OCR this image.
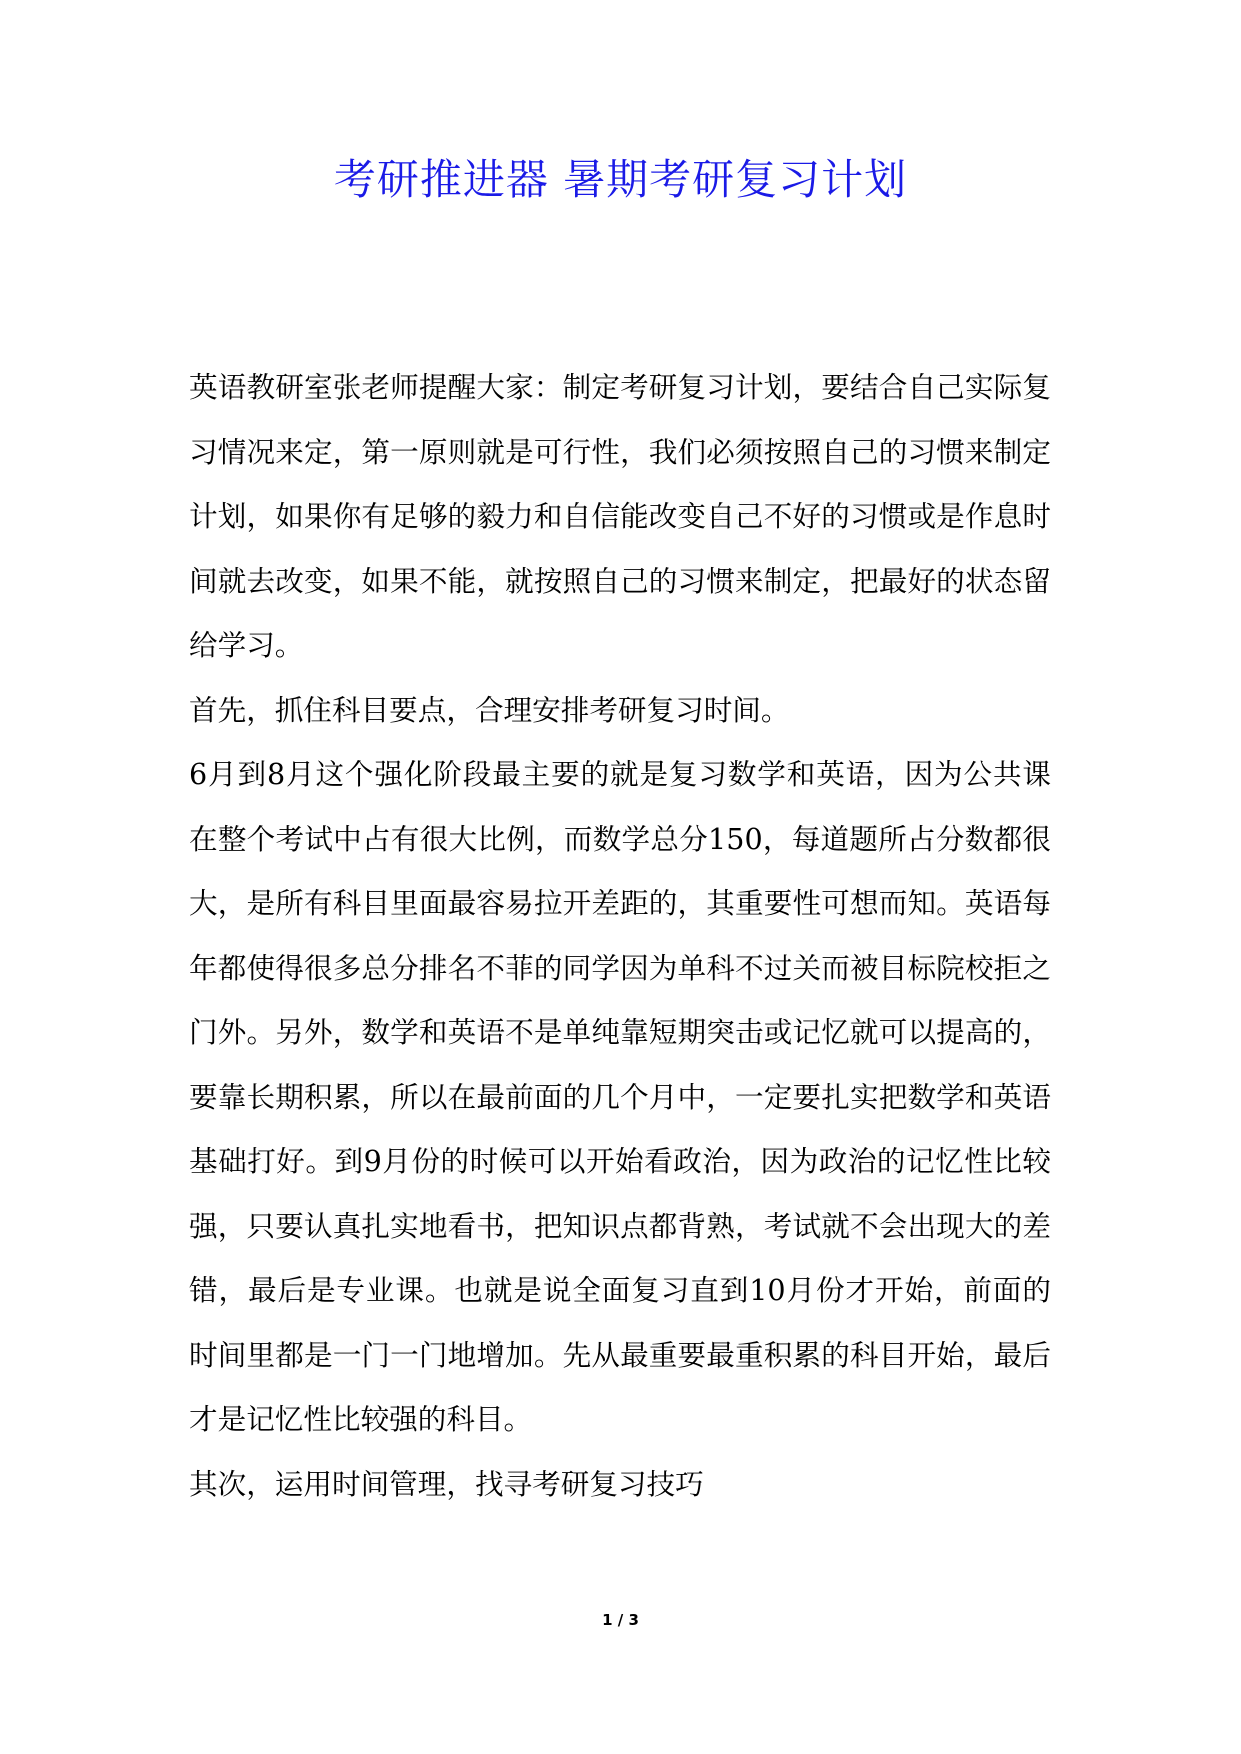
考研推进器 暑期考研复习计划

英语教研室张老师提醒大家：制定考研复习计划，要结合自己实际复习情况来定，第一原则就是可行性，我们必须按照自己的习惯来制定计划，如果你有足够的毅力和自信能改变自己不好的习惯或是作息时间就去改变，如果不能，就按照自己的习惯来制定，把最好的状态留给学习。

首先，抓住科目要点，合理安排考研复习时间。

6月到8月这个强化阶段最主要的就是复习数学和英语，因为公共课在整个考试中占有很大比例，而数学总分150，每道题所占分数都很大，是所有科目里面最容易拉开差距的，其重要性可想而知。英语每年都使得很多总分排名不菲的同学因为单科不过关而被目标院校拒之门外。另外，数学和英语不是单纯靠短期突击或记忆就可以提高的，要靠长期积累，所以在最前面的几个月中，一定要扎实把数学和英语基础打好。到9月份的时候可以开始看政治，因为政治的记忆性比较强，只要认真扎实地看书，把知识点都背熟，考试就不会出现大的差错，最后是专业课。也就是说全面复习直到10月份才开始，前面的时间里都是一门一门地增加。先从最重要最重积累的科目开始，最后才是记忆性比较强的科目。

其次，运用时间管理，找寻考研复习技巧

1 / 3
